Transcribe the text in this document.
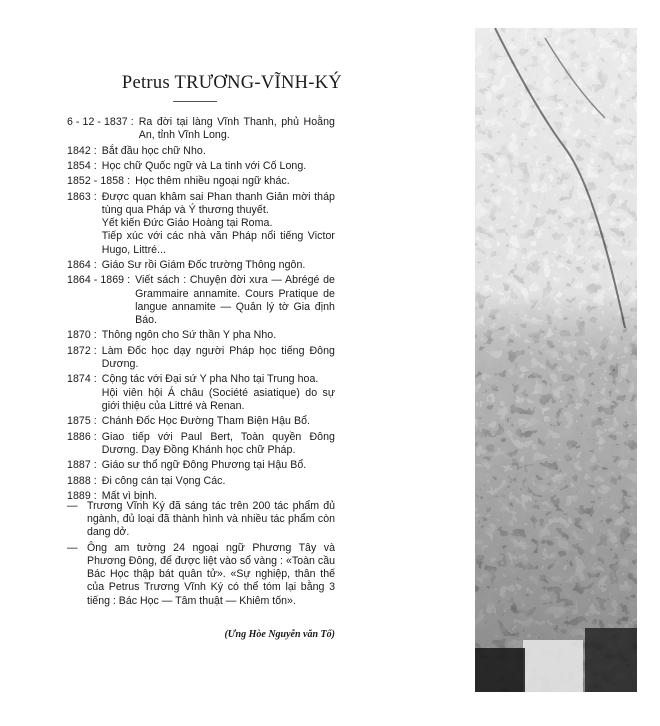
Petrus TRƯƠNG-VĨNH-KÝ
6 - 12 - 1837 : Ra đời tại làng Vĩnh Thanh, phủ Hoằng An, tỉnh Vĩnh Long.

1842 : Bắt đầu học chữ Nho.

1854 : Học chữ Quốc ngữ và La tinh với Cố Long.

1852 - 1858 : Học thêm nhiều ngoại ngữ khác.

1863 : Được quan khâm sai Phan thanh Giản mời tháp tùng qua Pháp và Ý thương thuyết.

Yết kiến Đức Giáo Hoàng tại Roma.

Tiếp xúc với các nhà văn Pháp nổi tiếng Victor Hugo, Littré...

1864 : Giáo Sư rồi Giám Đốc trường Thông ngôn.

1864 - 1869 : Viết sách : Chuyện đời xưa — Abrégé de Grammaire annamite. Cours Pratique de langue annamite — Quản lý tờ Gia định Báo.

1870 : Thông ngôn cho Sứ thần Y pha Nho.

1872 : Làm Đốc học dạy người Pháp học tiếng Đông Dương.

1874 : Cộng tác với Đại sứ Y pha Nho tại Trung hoa.

Hội viên hội Á châu (Société asiatique) do sự giới thiệu của Littré và Renan.

1875 : Chánh Đốc Học Đường Tham Biện Hậu Bổ.

1886 : Giao tiếp với Paul Bert, Toàn quyền Đông Dương. Dạy Đồng Khánh học chữ Pháp.

1887 : Giáo sư thổ ngữ Đông Phương tại Hậu Bổ.

1888 : Đi công cán tại Vọng Các.

1889 : Mất vì bịnh.

— Trương Vĩnh Ký đã sáng tác trên 200 tác phẩm đủ ngành, đủ loại đã thành hình và nhiều tác phẩm còn dang dở.
— Ông am tường 24 ngoại ngữ Phương Tây và Phương Đông, để được liệt vào sổ vàng : «Toàn cầu Bác Học thập bát quân tử». «Sự nghiệp, thân thế của Petrus Trương Vĩnh Ký có thể tóm lại bằng 3 tiếng : Bác Học — Tâm thuật — Khiêm tốn».
(Ưng Hòe Nguyễn văn Tố)
